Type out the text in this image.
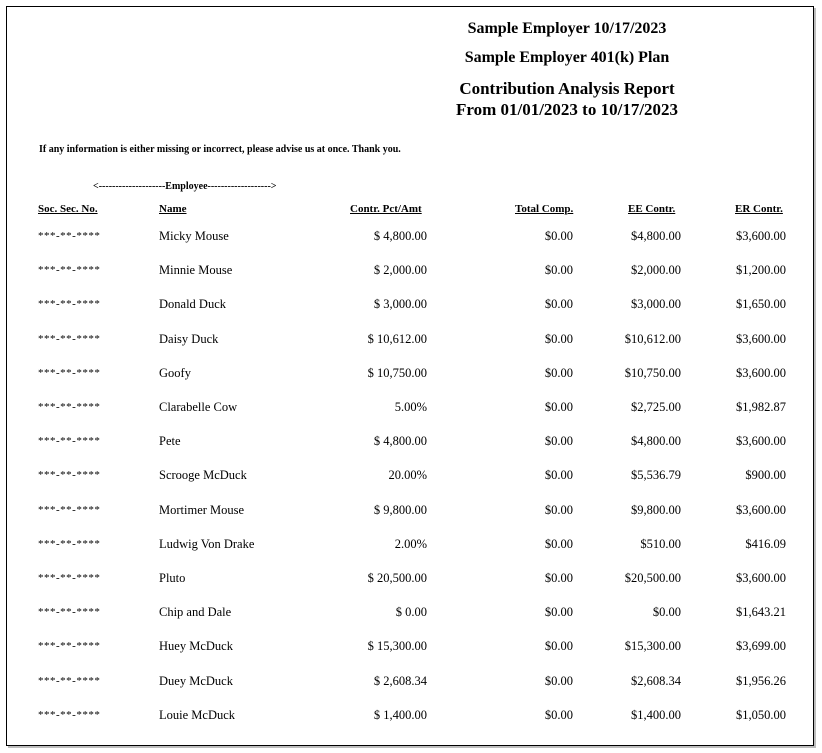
Sample Employer 10/17/2023
Sample Employer 401(k) Plan
Contribution Analysis Report
From 01/01/2023 to 10/17/2023
If any information is either missing or incorrect, please advise us at once. Thank you.
<--------------------Employee------------------->
Soc. Sec. No.	Name	Contr. Pct/Amt	Total Comp.	EE Contr.	ER Contr.
***-**-****	Micky Mouse	$ 4,800.00	$0.00	$4,800.00	$3,600.00
***-**-****	Minnie Mouse	$ 2,000.00	$0.00	$2,000.00	$1,200.00
***-**-****	Donald Duck	$ 3,000.00	$0.00	$3,000.00	$1,650.00
***-**-****	Daisy Duck	$ 10,612.00	$0.00	$10,612.00	$3,600.00
***-**-****	Goofy	$ 10,750.00	$0.00	$10,750.00	$3,600.00
***-**-****	Clarabelle Cow	5.00%	$0.00	$2,725.00	$1,982.87
***-**-****	Pete	$ 4,800.00	$0.00	$4,800.00	$3,600.00
***-**-****	Scrooge McDuck	20.00%	$0.00	$5,536.79	$900.00
***-**-****	Mortimer Mouse	$ 9,800.00	$0.00	$9,800.00	$3,600.00
***-**-****	Ludwig Von Drake	2.00%	$0.00	$510.00	$416.09
***-**-****	Pluto	$ 20,500.00	$0.00	$20,500.00	$3,600.00
***-**-****	Chip and Dale	$ 0.00	$0.00	$0.00	$1,643.21
***-**-****	Huey McDuck	$ 15,300.00	$0.00	$15,300.00	$3,699.00
***-**-****	Duey McDuck	$ 2,608.34	$0.00	$2,608.34	$1,956.26
***-**-****	Louie McDuck	$ 1,400.00	$0.00	$1,400.00	$1,050.00
